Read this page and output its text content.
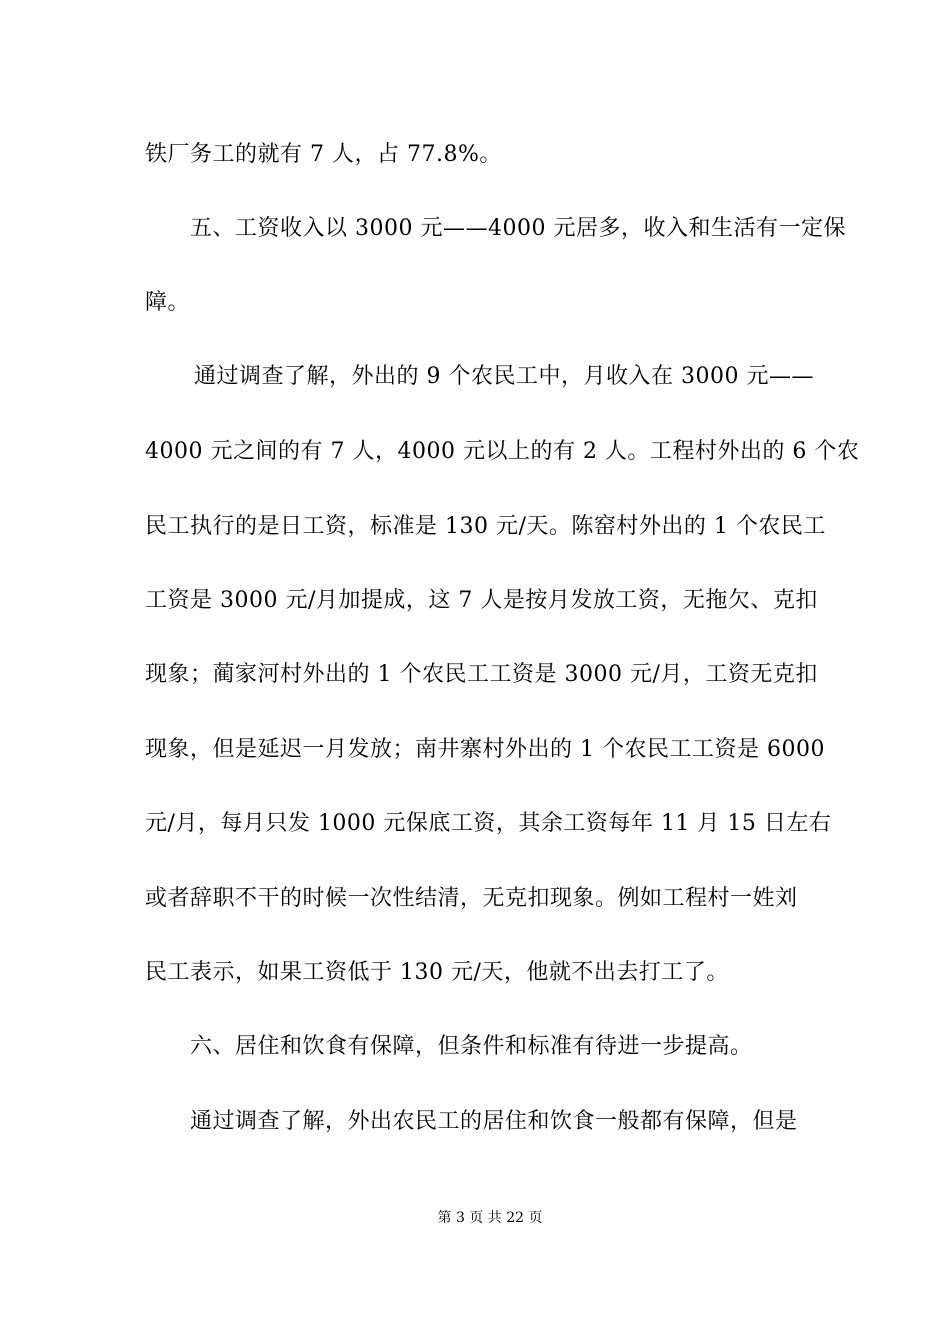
铁厂务工的就有 7 人，占 77.8%。
五、工资收入以 3000 元——4000 元居多，收入和生活有一定保
障。
通过调查了解，外出的 9 个农民工中，月收入在 3000 元——
4000 元之间的有 7 人，4000 元以上的有 2 人。工程村外出的 6 个农
民工执行的是日工资，标准是 130 元/天。陈窑村外出的 1 个农民工
工资是 3000 元/月加提成，这 7 人是按月发放工资，无拖欠、克扣
现象；蔺家河村外出的 1 个农民工工资是 3000 元/月，工资无克扣
现象，但是延迟一月发放；南井寨村外出的 1 个农民工工资是 6000
元/月，每月只发 1000 元保底工资，其余工资每年 11 月 15 日左右
或者辞职不干的时候一次性结清，无克扣现象。例如工程村一姓刘
民工表示，如果工资低于 130 元/天，他就不出去打工了。
六、居住和饮食有保障，但条件和标准有待进一步提高。
通过调查了解，外出农民工的居住和饮食一般都有保障，但是
第 3 页 共 22 页
